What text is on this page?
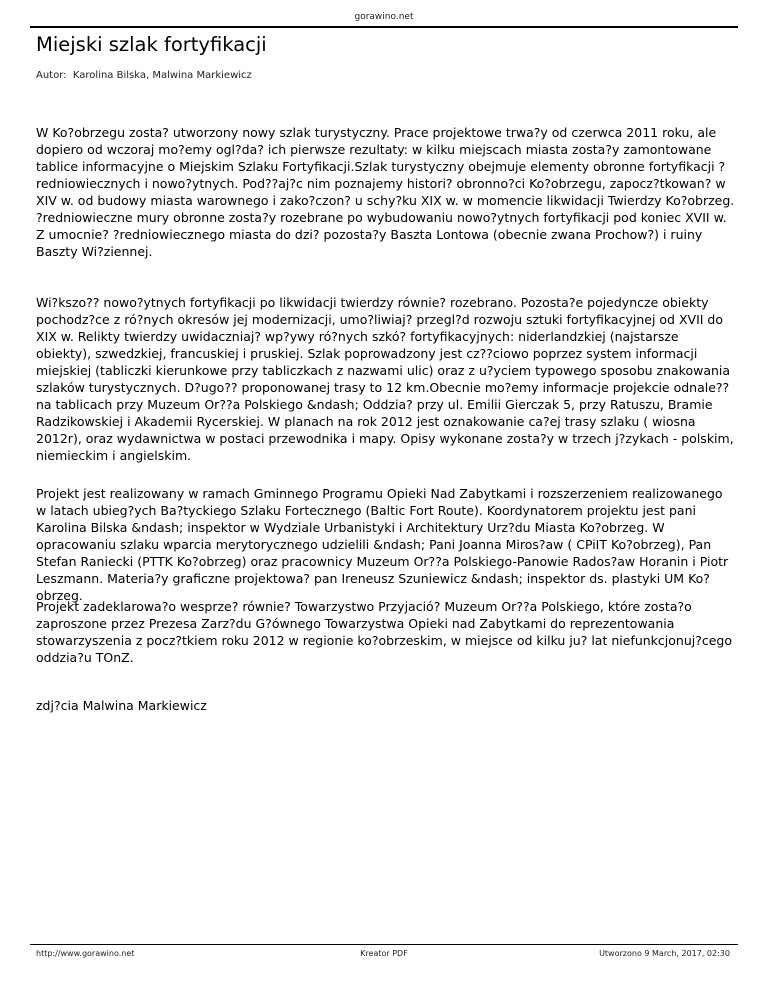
gorawino.net
Miejski szlak fortyfikacji
Autor: Karolina Bilska, Malwina Markiewicz

W Ko?obrzegu zosta? utworzony nowy szlak turystyczny. Prace projektowe trwa?y od czerwca 2011 roku, ale dopiero od wczoraj mo?emy ogl?da? ich pierwsze rezultaty: w kilku miejscach miasta zosta?y zamontowane tablice informacyjne o Miejskim Szlaku Fortyfikacji.Szlak turystyczny obejmuje elementy obronne fortyfikacji ?redniowiecznych i nowo?ytnych. Pod??aj?c nim poznajemy histori? obronno?ci Ko?obrzegu, zapocz?tkowan? w XIV w. od budowy miasta warownego i zako?czon? u schy?ku XIX w. w momencie likwidacji Twierdzy Ko?obrzeg. ?redniowieczne mury obronne zosta?y rozebrane po wybudowaniu nowo?ytnych fortyfikacji pod koniec XVII w. Z umocnie? ?redniowiecznego miasta do dzi? pozosta?y Baszta Lontowa (obecnie zwana Prochow?) i ruiny Baszty Wi?ziennej.

Wi?kszo?? nowo?ytnych fortyfikacji po likwidacji twierdzy równie? rozebrano. Pozosta?e pojedyncze obiekty pochodz?ce z ró?nych okresów jej modernizacji, umo?liwiaj? przegl?d rozwoju sztuki fortyfikacyjnej od XVII do XIX w. Relikty twierdzy uwidaczniaj? wp?ywy ró?nych szkó? fortyfikacyjnych: niderlandzkiej (najstarsze obiekty), szwedzkiej, francuskiej i pruskiej. Szlak poprowadzony jest cz??ciowo poprzez system informacji miejskiej (tabliczki kierunkowe przy tabliczkach z nazwami ulic) oraz z u?yciem typowego sposobu znakowania szlaków turystycznych. D?ugo?? proponowanej trasy to 12 km.Obecnie mo?emy informacje projekcie odnale?? na tablicach przy Muzeum Or??a Polskiego &ndash; Oddzia? przy ul. Emilii Gierczak 5, przy Ratuszu, Bramie Radzikowskiej i Akademii Rycerskiej. W planach na rok 2012 jest oznakowanie ca?ej trasy szlaku ( wiosna 2012r), oraz wydawnictwa w postaci przewodnika i mapy. Opisy wykonane zosta?y w trzech j?zykach - polskim, niemieckim i angielskim.

Projekt jest realizowany w ramach Gminnego Programu Opieki Nad Zabytkami i rozszerzeniem realizowanego w latach ubieg?ych Ba?tyckiego Szlaku Fortecznego (Baltic Fort Route). Koordynatorem projektu jest pani Karolina Bilska &ndash; inspektor w Wydziale Urbanistyki i Architektury Urz?du Miasta Ko?obrzeg. W opracowaniu szlaku wparcia merytorycznego udzielili &ndash; Pani Joanna Miros?aw ( CPiIT Ko?obrzeg), Pan Stefan Raniecki (PTTK Ko?obrzeg) oraz pracownicy Muzeum Or??a Polskiego-Panowie Rados?aw Horanin i Piotr Leszmann. Materia?y graficzne projektowa? pan Ireneusz Szuniewicz &ndash; inspektor ds. plastyki UM Ko?obrzeg.

Projekt zadeklarowa?o wesprze? równie? Towarzystwo Przyjació? Muzeum Or??a Polskiego, które zosta?o zaproszone przez Prezesa Zarz?du G?ównego Towarzystwa Opieki nad Zabytkami do reprezentowania stowarzyszenia z pocz?tkiem roku 2012 w regionie ko?obrzeskim, w miejsce od kilku ju? lat niefunkcjonuj?cego oddzia?u TOnZ.

zdj?cia Malwina Markiewicz

http://www.gorawino.net	Kreator PDF	Utworzono 9 March, 2017, 02:30
